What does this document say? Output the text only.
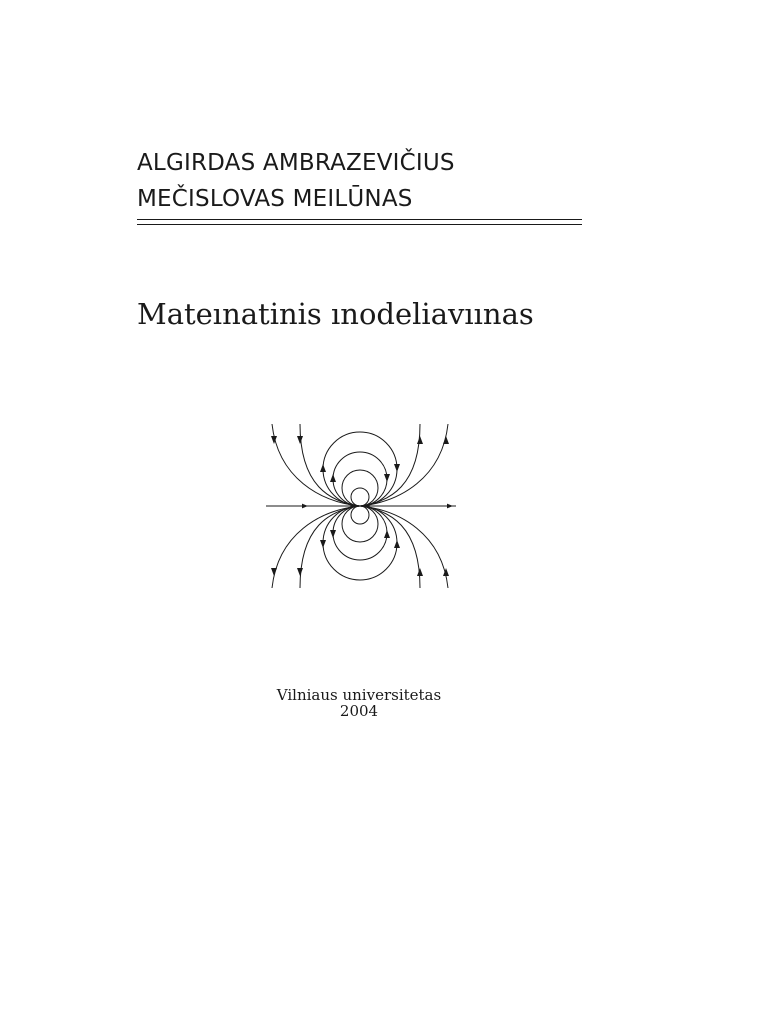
ALGIRDAS AMBRAZEVIČIUS
MEČISLOVAS MEILŪNAS
Mateınatinis ınodeliavıınas
Vilniaus universitetas
2004
